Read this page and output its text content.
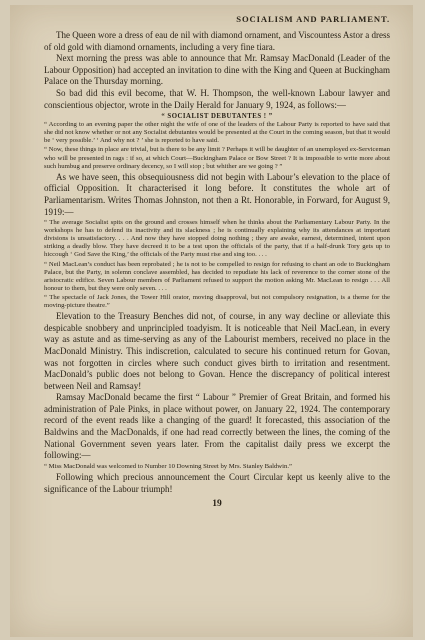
SOCIALISM AND PARLIAMENT.

The Queen wore a dress of eau de nil with diamond ornament, and Viscountess Astor a dress of old gold with diamond ornaments, including a very fine tiara.

Next morning the press was able to announce that Mr. Ramsay MacDonald (Leader of the Labour Opposition) had accepted an invitation to dine with the King and Queen at Buckingham Palace on the Thursday morning.

So bad did this evil become, that W. H. Thompson, the well-known Labour lawyer and conscientious objector, wrote in the Daily Herald for January 9, 1924, as follows:—

“ SOCIALIST DEBUTANTES ! ”
“ According to an evening paper the other night the wife of one of the leaders of the Labour Party is reported to have said that she did not know whether or not any Socialist debutantes would be presented at the Court in the coming season, but that it would be ‘ very possible.’ ‘ And why not ? ’ she is reported to have said.
“ Now, these things in place are trivial, but is there to be any limit ? Perhaps it will be daughter of an unemployed ex-Serviceman who will be presented in rags : if so, at which Court—Buckingham Palace or Bow Street ? It is impossible to write more about such humbug and preserve ordinary decency, so I will stop ; but whither are we going ? ”

As we have seen, this obsequiousness did not begin with Labour’s elevation to the place of official Opposition. It characterised it long before. It constitutes the whole art of Parliamentarism. Writes Thomas Johnston, not then a Rt. Honorable, in Forward, for August 9, 1919:—

“ The average Socialist spits on the ground and crosses himself when he thinks about the Parliamentary Labour Party. In the workshops he has to defend its inactivity and its slackness ; he is continually explaining why its attendances at important divisions is unsatisfactory. . . . And now they have stopped doing nothing ; they are awake, earnest, determined, intent upon striking a deadly blow. They have decreed it to be a test upon the officials of the party, that if a half-drunk Tory gets up to hiccough ‘ God Save the King,’ the officials of the Party must rise and sing too. . . .
“ Neil MacLean’s conduct has been reprobated ; he is not to be compelled to resign for refusing to chant an ode to Buckingham Palace, but the Party, in solemn conclave assembled, has decided to repudiate his lack of reverence to the corner stone of the aristocratic edifice. Seven Labour members of Parliament refused to support the motion asking Mr. MacLean to resign . . . All honour to them, but they were only seven. . . .
“ The spectacle of Jack Jones, the Tower Hill orator, moving disapproval, but not compulsory resignation, is a theme for the moving-picture theatre.”

Elevation to the Treasury Benches did not, of course, in any way decline or alleviate this despicable snobbery and unprincipled toadyism. It is noticeable that Neil MacLean, in every way as astute and as time-serving as any of the Labourist members, received no place in the MacDonald Ministry. This indiscretion, calculated to secure his continued return for Govan, was not forgotten in circles where such conduct gives birth to irritation and resentment. MacDonald’s public does not belong to Govan. Hence the discrepancy of political interest between Neil and Ramsay!

Ramsay MacDonald became the first “ Labour ” Premier of Great Britain, and formed his administration of Pale Pinks, in place without power, on January 22, 1924. The contemporary record of the event reads like a changing of the guard! It forecasted, this association of the Baldwins and the MacDonalds, if one had read correctly between the lines, the coming of the National Government seven years later. From the capitalist daily press we excerpt the following:—

“ Miss MacDonald was welcomed to Number 10 Downing Street by Mrs. Stanley Baldwin.”

Following which precious announcement the Court Circular kept us keenly alive to the significance of the Labour triumph!

19
